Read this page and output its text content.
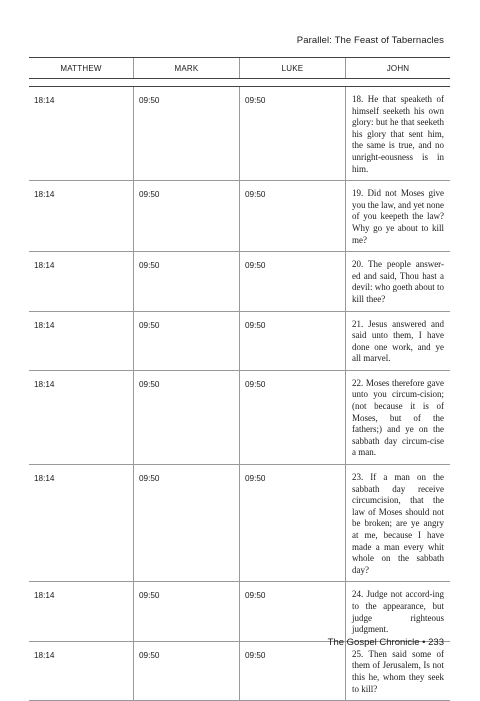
Parallel: The Feast of Tabernacles
MATTHEW	MARK	LUKE	JOHN
18:14	09:50	09:50	18. He that speaketh of himself seeketh his own glory: but he that seeketh his glory that sent him, the same is true, and no unright-eousness is in him.
18:14	09:50	09:50	19. Did not Moses give you the law, and yet none of you keepeth the law? Why go ye about to kill me?
18:14	09:50	09:50	20. The people answer-ed and said, Thou hast a devil: who goeth about to kill thee?
18:14	09:50	09:50	21. Jesus answered and said unto them, I have done one work, and ye all marvel.
18:14	09:50	09:50	22. Moses therefore gave unto you circum-cision; (not because it is of Moses, but of the fathers;) and ye on the sabbath day circum-cise a man.
18:14	09:50	09:50	23. If a man on the sabbath day receive circumcision, that the law of Moses should not be broken; are ye angry at me, because I have made a man every whit whole on the sabbath day?
18:14	09:50	09:50	24. Judge not accord-ing to the appearance, but judge righteous judgment.
18:14	09:50	09:50	25. Then said some of them of Jerusalem, Is not this he, whom they seek to kill?
The Gospel Chronicle • 233
